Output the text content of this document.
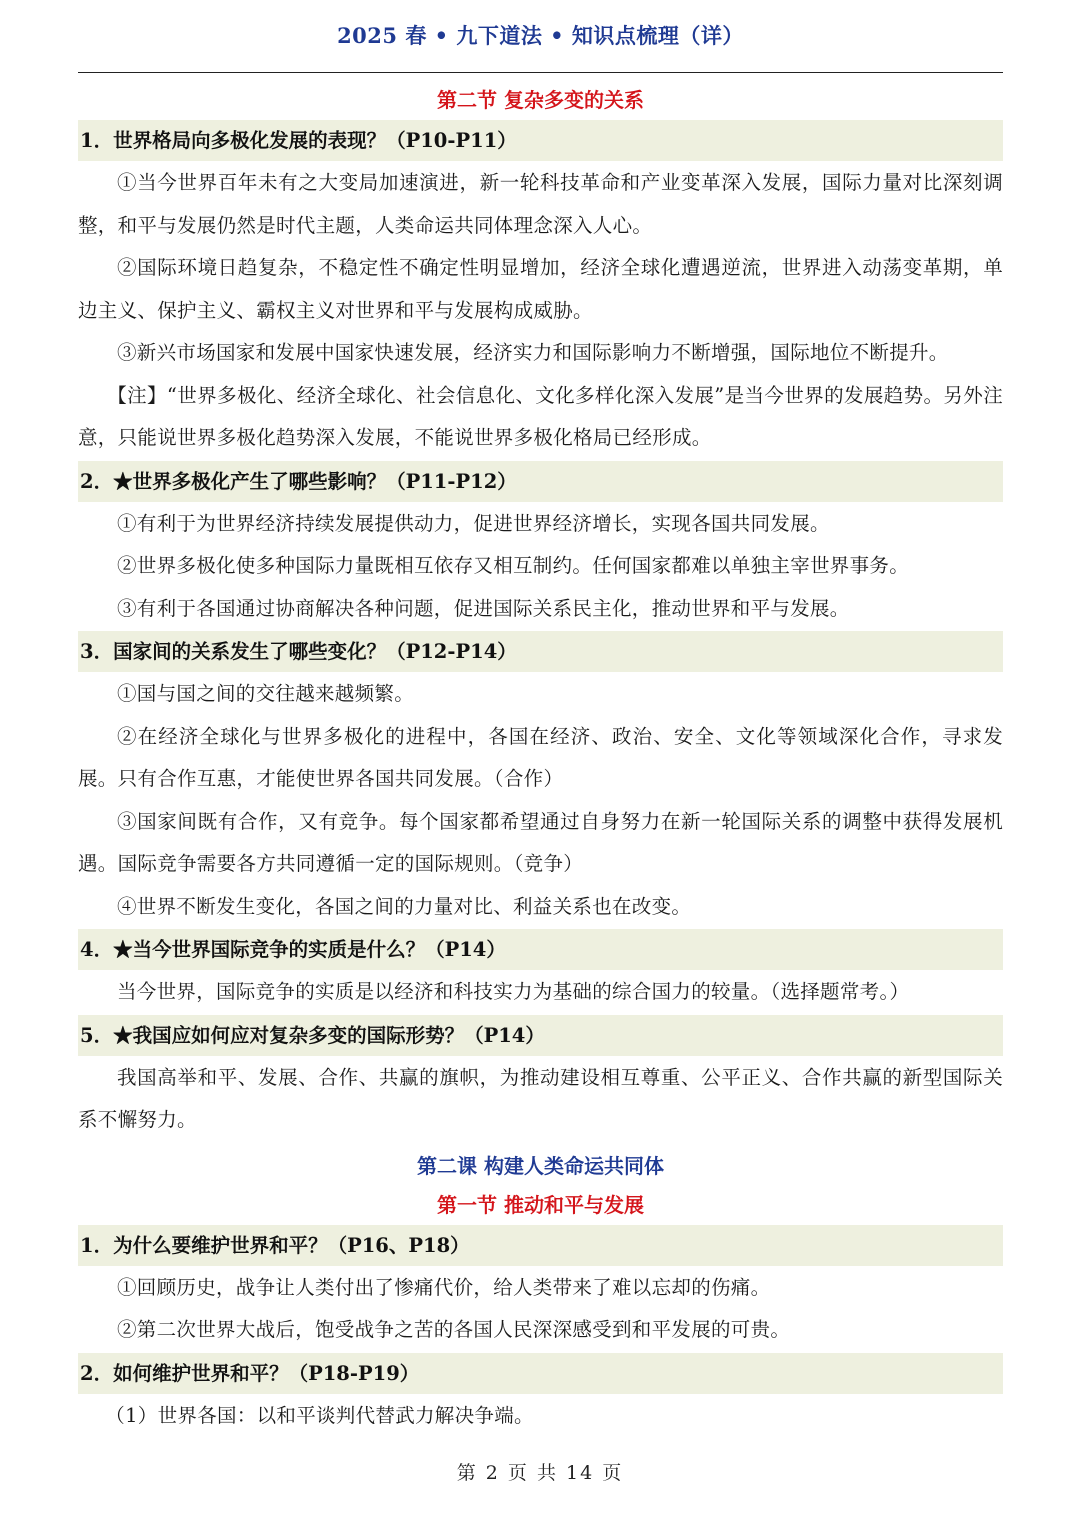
2025 春 • 九下道法 • 知识点梳理（详）
第二节 复杂多变的关系
1．世界格局向多极化发展的表现？（P10-P11）
①当今世界百年未有之大变局加速演进，新一轮科技革命和产业变革深入发展，国际力量对比深刻调整，和平与发展仍然是时代主题，人类命运共同体理念深入人心。
②国际环境日趋复杂，不稳定性不确定性明显增加，经济全球化遭遇逆流，世界进入动荡变革期，单边主义、保护主义、霸权主义对世界和平与发展构成威胁。
③新兴市场国家和发展中国家快速发展，经济实力和国际影响力不断增强，国际地位不断提升。
【注】“世界多极化、经济全球化、社会信息化、文化多样化深入发展”是当今世界的发展趋势。另外注意，只能说世界多极化趋势深入发展，不能说世界多极化格局已经形成。
2．★世界多极化产生了哪些影响？（P11-P12）
①有利于为世界经济持续发展提供动力，促进世界经济增长，实现各国共同发展。
②世界多极化使多种国际力量既相互依存又相互制约。任何国家都难以单独主宰世界事务。
③有利于各国通过协商解决各种问题，促进国际关系民主化，推动世界和平与发展。
3．国家间的关系发生了哪些变化？（P12-P14）
①国与国之间的交往越来越频繁。
②在经济全球化与世界多极化的进程中，各国在经济、政治、安全、文化等领域深化合作，寻求发展。只有合作互惠，才能使世界各国共同发展。（合作）
③国家间既有合作，又有竞争。每个国家都希望通过自身努力在新一轮国际关系的调整中获得发展机遇。国际竞争需要各方共同遵循一定的国际规则。（竞争）
④世界不断发生变化，各国之间的力量对比、利益关系也在改变。
4．★当今世界国际竞争的实质是什么？（P14）
当今世界，国际竞争的实质是以经济和科技实力为基础的综合国力的较量。（选择题常考。）
5．★我国应如何应对复杂多变的国际形势？（P14）
我国高举和平、发展、合作、共赢的旗帜，为推动建设相互尊重、公平正义、合作共赢的新型国际关系不懈努力。
第二课 构建人类命运共同体
第一节 推动和平与发展
1．为什么要维护世界和平？（P16、P18）
①回顾历史，战争让人类付出了惨痛代价，给人类带来了难以忘却的伤痛。
②第二次世界大战后，饱受战争之苦的各国人民深深感受到和平发展的可贵。
2．如何维护世界和平？（P18-P19）
（1）世界各国：以和平谈判代替武力解决争端。
第 2 页 共 14 页
